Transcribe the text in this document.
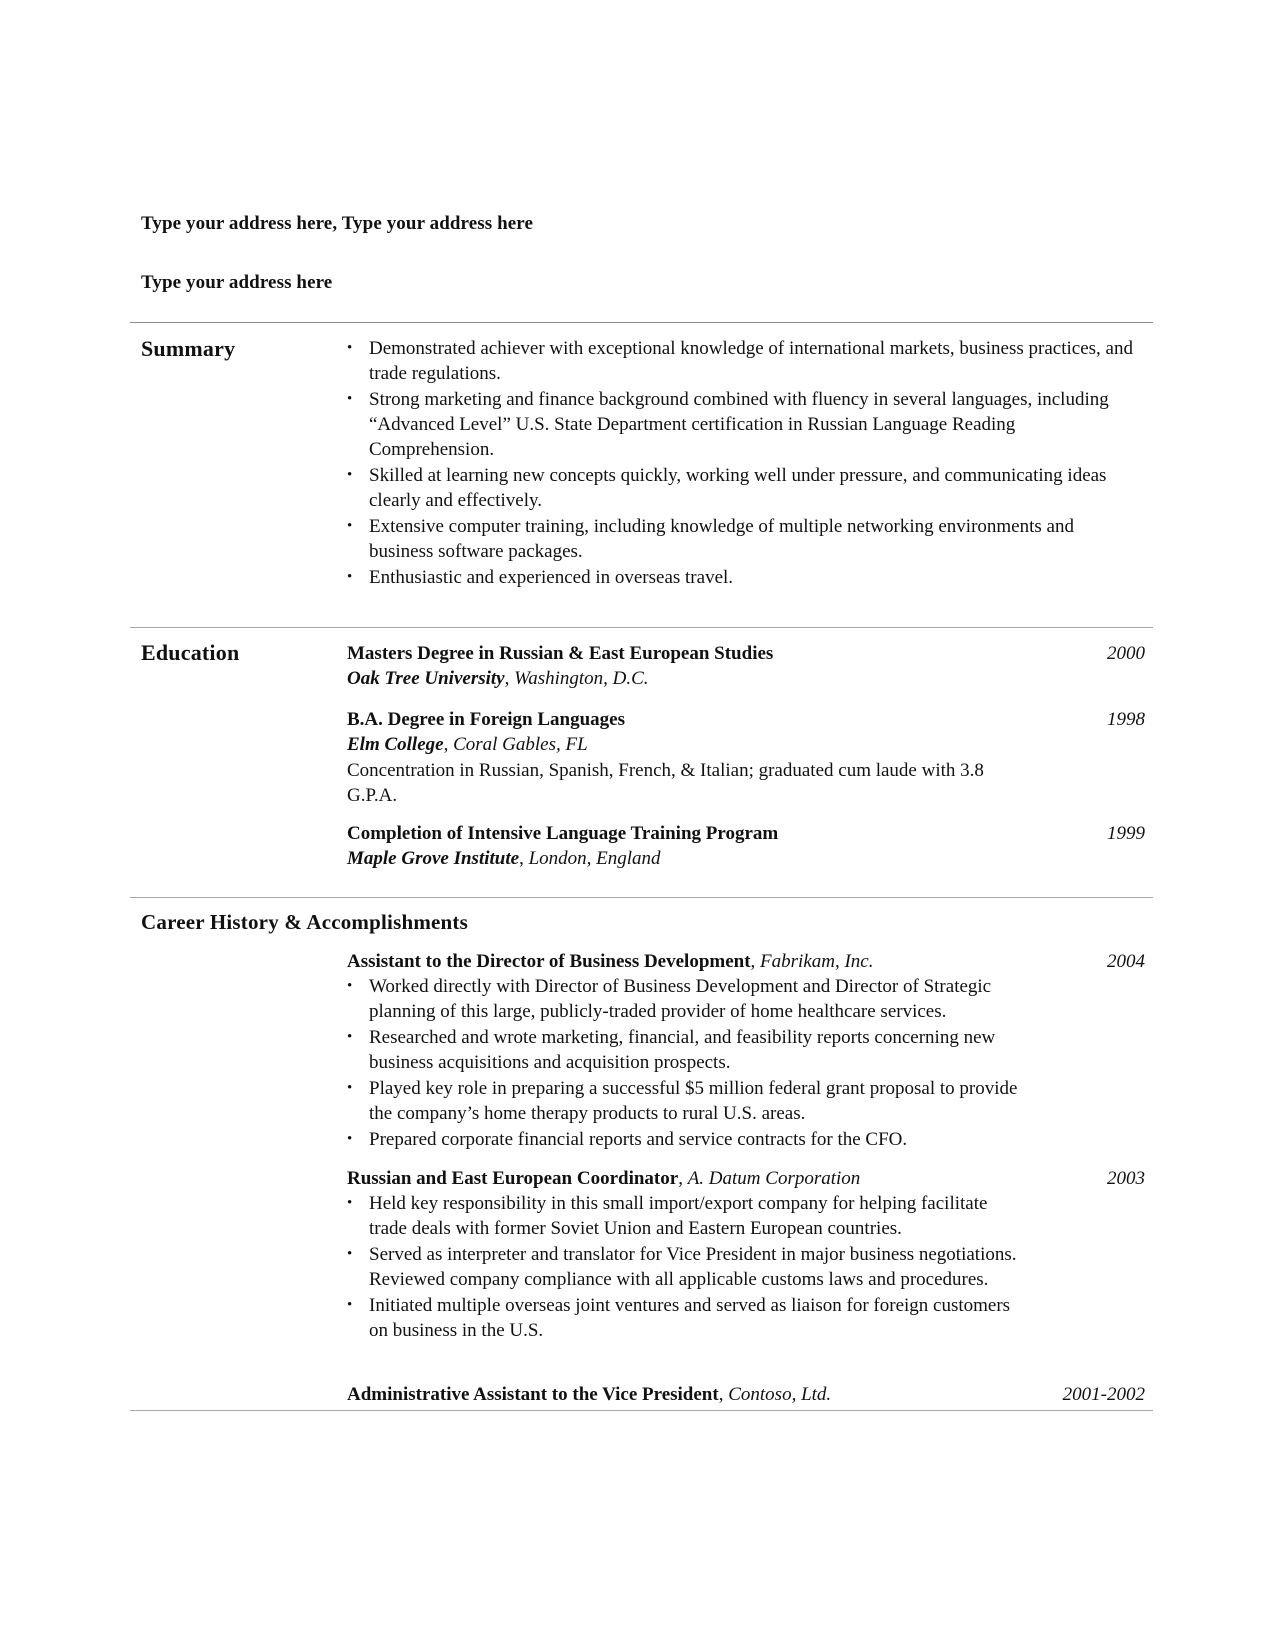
Type your address here, Type your address here
Type your address here
Summary	• Demonstrated achiever with exceptional knowledge of international markets, business practices, and trade regulations.
• Strong marketing and finance background combined with fluency in several languages, including “Advanced Level” U.S. State Department certification in Russian Language Reading Comprehension.
• Skilled at learning new concepts quickly, working well under pressure, and communicating ideas clearly and effectively.
• Extensive computer training, including knowledge of multiple networking environments and business software packages.
• Enthusiastic and experienced in overseas travel.
Education	Masters Degree in Russian & East European Studies	2000
Oak Tree University, Washington, D.C.
B.A. Degree in Foreign Languages	1998
Elm College, Coral Gables, FL
Concentration in Russian, Spanish, French, & Italian; graduated cum laude with 3.8 G.P.A.
Completion of Intensive Language Training Program	1999
Maple Grove Institute, London, England
Career History & Accomplishments
Assistant to the Director of Business Development, Fabrikam, Inc.	2004
• Worked directly with Director of Business Development and Director of Strategic planning of this large, publicly-traded provider of home healthcare services.
• Researched and wrote marketing, financial, and feasibility reports concerning new business acquisitions and acquisition prospects.
• Played key role in preparing a successful $5 million federal grant proposal to provide the company’s home therapy products to rural U.S. areas.
• Prepared corporate financial reports and service contracts for the CFO.
Russian and East European Coordinator, A. Datum Corporation	2003
• Held key responsibility in this small import/export company for helping facilitate trade deals with former Soviet Union and Eastern European countries.
• Served as interpreter and translator for Vice President in major business negotiations. Reviewed company compliance with all applicable customs laws and procedures.
• Initiated multiple overseas joint ventures and served as liaison for foreign customers on business in the U.S.
Administrative Assistant to the Vice President, Contoso, Ltd.	2001-2002
